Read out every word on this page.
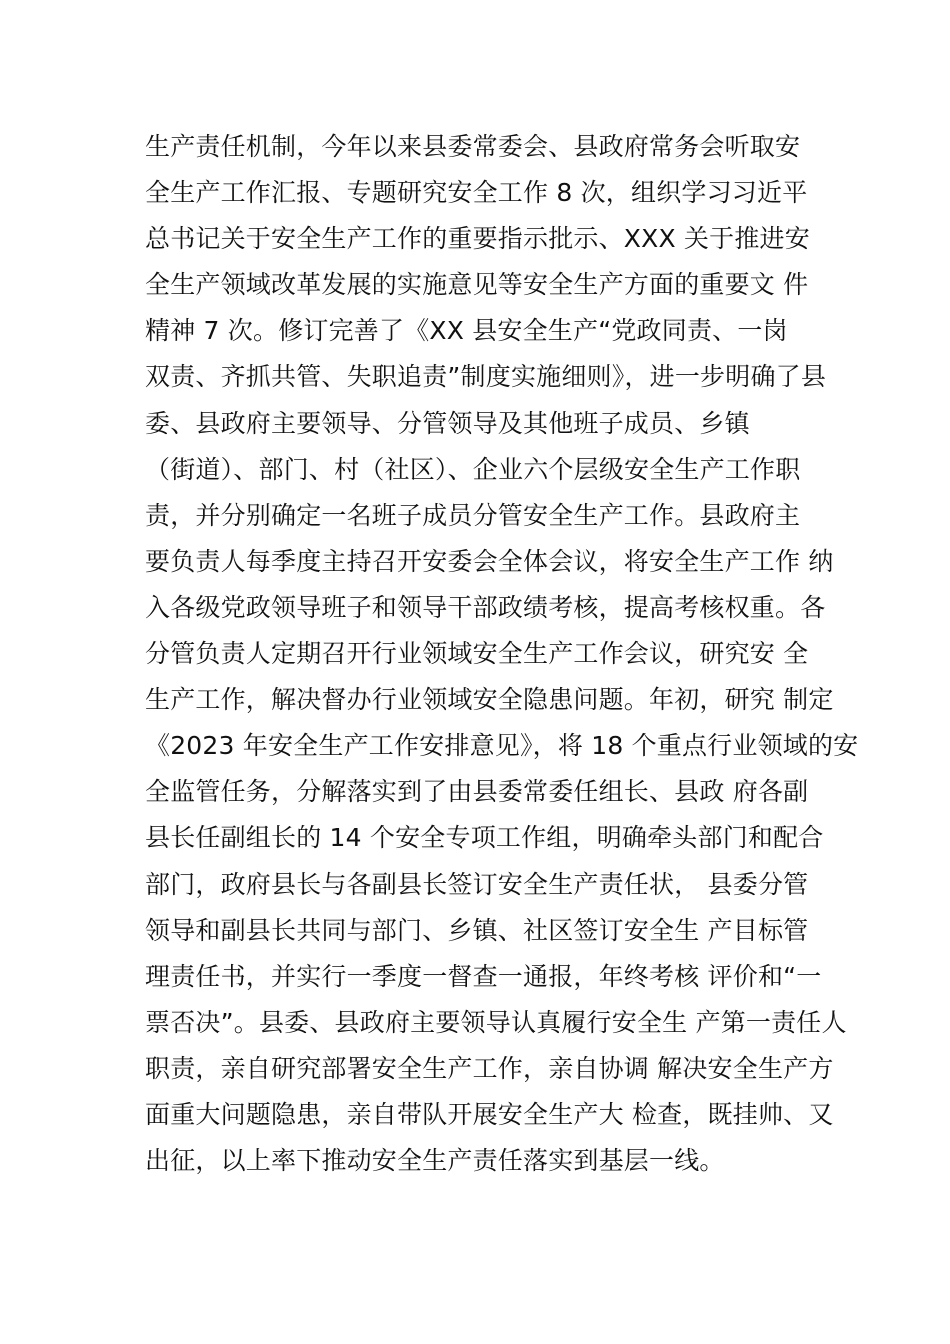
生产责任机制，今年以来县委常委会、县政府常务会听取安
全生产工作汇报、专题研究安全工作 8 次，组织学习习近平
总书记关于安全生产工作的重要指示批示、XXX 关于推进安
全生产领域改革发展的实施意见等安全生产方面的重要文 件
精神 7 次。修订完善了《XX 县安全生产“党政同责、一岗
双责、齐抓共管、失职追责”制度实施细则》，进一步明确了县
委、县政府主要领导、分管领导及其他班子成员、乡镇
（街道）、部门、村（社区）、企业六个层级安全生产工作职
责，并分别确定一名班子成员分管安全生产工作。县政府主
要负责人每季度主持召开安委会全体会议，将安全生产工作 纳
入各级党政领导班子和领导干部政绩考核，提高考核权重。各
分管负责人定期召开行业领域安全生产工作会议，研究安 全
生产工作，解决督办行业领域安全隐患问题。年初，研究 制定
《2023 年安全生产工作安排意见》，将 18 个重点行业领域的安
全监管任务，分解落实到了由县委常委任组长、县政 府各副
县长任副组长的 14 个安全专项工作组，明确牵头部门和配合
部门，政府县长与各副县长签订安全生产责任状， 县委分管
领导和副县长共同与部门、乡镇、社区签订安全生 产目标管
理责任书，并实行一季度一督查一通报，年终考核 评价和“一
票否决”。县委、县政府主要领导认真履行安全生 产第一责任人
职责，亲自研究部署安全生产工作，亲自协调 解决安全生产方
面重大问题隐患，亲自带队开展安全生产大 检查，既挂帅、又
出征，以上率下推动安全生产责任落实到基层一线。
